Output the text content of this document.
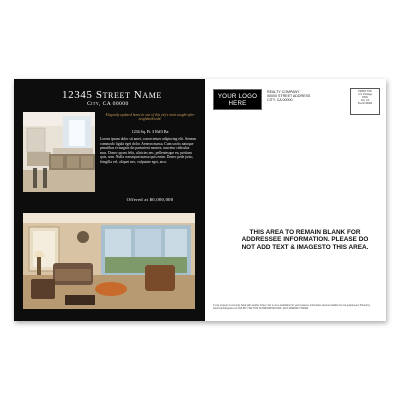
12345 Street Name
City, CA 00000
Elegantly updated home in one of this city's most sought-after neighborhoods!
1234 Sq. Ft. 3 Bd/3 Ba
Lorem ipsum dolor sit amet, consectetuer adipiscing elit. Aenean commodo ligula eget dolor. Aenean massa. Cum sociis natoque penatibus et magnis dis parturient montes, nascetur ridiculus mus. Donec quam felis, ultricies nec, pellentesque eu, pretium quis, sem. Nulla consequat massa quis enim. Donec pede justo, fringilla vel, aliquet nec, vulputate eget, arcu.
Offered at $0,000,000
YOUR LOGO
HERE
REALTY COMPANY
00000 STREET ADDRESS
CITY, CA 00000
PRSRT STD
U.S. Postage
PAID
City, CA
Permit #0000
THIS AREA TO REMAIN BLANK FOR ADDRESSEE INFORMATION. PLEASE DO NOT ADD TEXT & IMAGESTO THIS AREA.
If your property is currently listed with another broker, this is not a solicitation for your business. Information deemed reliable but not guaranteed. Printed by www.imprintbypass.com 813.867.7122 THIS IS PRESORTED MAIL. ECO-FRIENDLY PAPER
